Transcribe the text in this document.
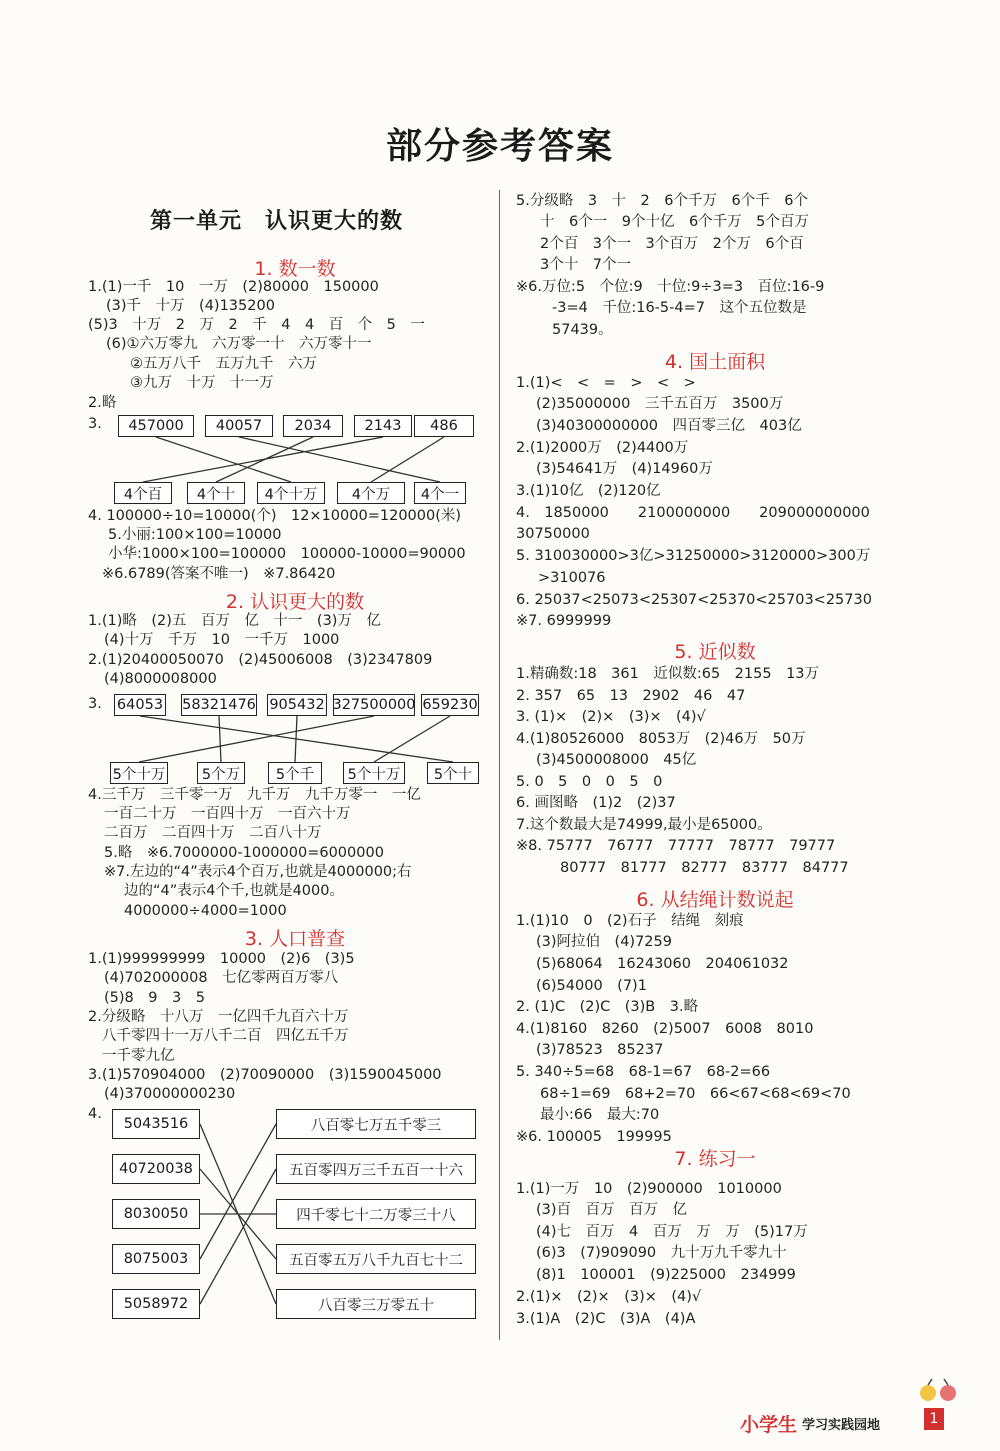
部分参考答案
第一单元　认识更大的数
1.(1)一千　10　一万　(2)80000　150000
(3)千　十万　(4)135200
(5)3　十万　2　万　2　千　4　4　百　个　5　一
(6)①六万零九　六万零一十　六万零十一
②五万八千　五万九千　六万
③九万　十万　十一万
2.略
3.
4. 100000÷10=10000(个)　12×10000=120000(米)
5.小丽:100×100=10000
小华:1000×100=100000　100000-10000=90000
※6.6789(答案不唯一)　※7.86420
1.(1)略　(2)五　百万　亿　十一　(3)万　亿
(4)十万　千万　10　一千万　1000
2.(1)20400050070　(2)45006008　(3)2347809
(4)8000008000
3.
4.三千万　三千零一万　九千万　九千万零一　一亿
一百二十万　一百四十万　一百六十万
二百万　二百四十万　二百八十万
5.略　※6.7000000-1000000=6000000
※7.左边的“4”表示4个百万,也就是4000000;右
边的“4”表示4个千,也就是4000。
4000000÷4000=1000
1.(1)999999999　10000　(2)6　(3)5
(4)702000008　七亿零两百万零八
(5)8　9　3　5
2.分级略　十八万　一亿四千九百六十万
八千零四十一万八千二百　四亿五千万
一千零九亿
3.(1)570904000　(2)70090000　(3)1590045000
(4)370000000230
4.
5.分级略　3　十　2　6个千万　6个千　6个
十　6个一　9个十亿　6个千万　5个百万
2个百　3个一　3个百万　2个万　6个百
3个十　7个一
※6.万位:5　个位:9　十位:9÷3=3　百位:16-9
-3=4　千位:16-5-4=7　这个五位数是
57439。
1.(1)<　<　=　>　<　>
(2)35000000　三千五百万　3500万
(3)40300000000　四百零三亿　403亿
2.(1)2000万　(2)4400万
(3)54641万　(4)14960万
3.(1)10亿　(2)120亿
4.　1850000　　2100000000　　209000000000
30750000
5. 310030000>3亿>31250000>3120000>300万
>310076
6. 25037<25073<25307<25370<25703<25730
※7. 6999999
1.精确数:18　361　近似数:65　2155　13万
2. 357　65　13　2902　46　47
3. (1)×　(2)×　(3)×　(4)√
4.(1)80526000　8053万　(2)46万　50万
(3)4500008000　45亿
5. 0　5　0　0　5　0
6. 画图略　(1)2　(2)37
7.这个数最大是74999,最小是65000。
※8. 75777　76777　77777　78777　79777
80777　81777　82777　83777　84777
1.(1)10　0　(2)石子　结绳　刻痕
(3)阿拉伯　(4)7259
(5)68064　16243060　204061032
(6)54000　(7)1
2. (1)C　(2)C　(3)B　3.略
4.(1)8160　8260　(2)5007　6008　8010
(3)78523　85237
5. 340÷5=68　68-1=67　68-2=66
68÷1=69　68+2=70　66<67<68<69<70
最小:66　最大:70
※6. 100005　199995
1.(1)一万　10　(2)900000　1010000
(3)百　百万　百万　亿
(4)七　百万　4　百万　万　万　(5)17万
(6)3　(7)909090　九十万九千零九十
(8)1　100001　(9)225000　234999
2.(1)×　(2)×　(3)×　(4)√
3.(1)A　(2)C　(3)A　(4)A
457000	40057	2034	2143	486
4个百	4个十	4个十万	4个万	4个一
64053 58321476 905432 327500000 659230
5个十万	5个万	5个千	5个十万	5个十
5043516
40720038
8030050
8075003
5058972
八百零七万五千零三
五百零四万三千五百一十六
四千零七十二万零三十八
五百零五万八千九百七十二
八百零三万零五十
小学生 学习实践园地	1
1. 数一数
2. 认识更大的数
3. 人口普查
4. 国土面积
5. 近似数
6. 从结绳计数说起
7. 练习一
